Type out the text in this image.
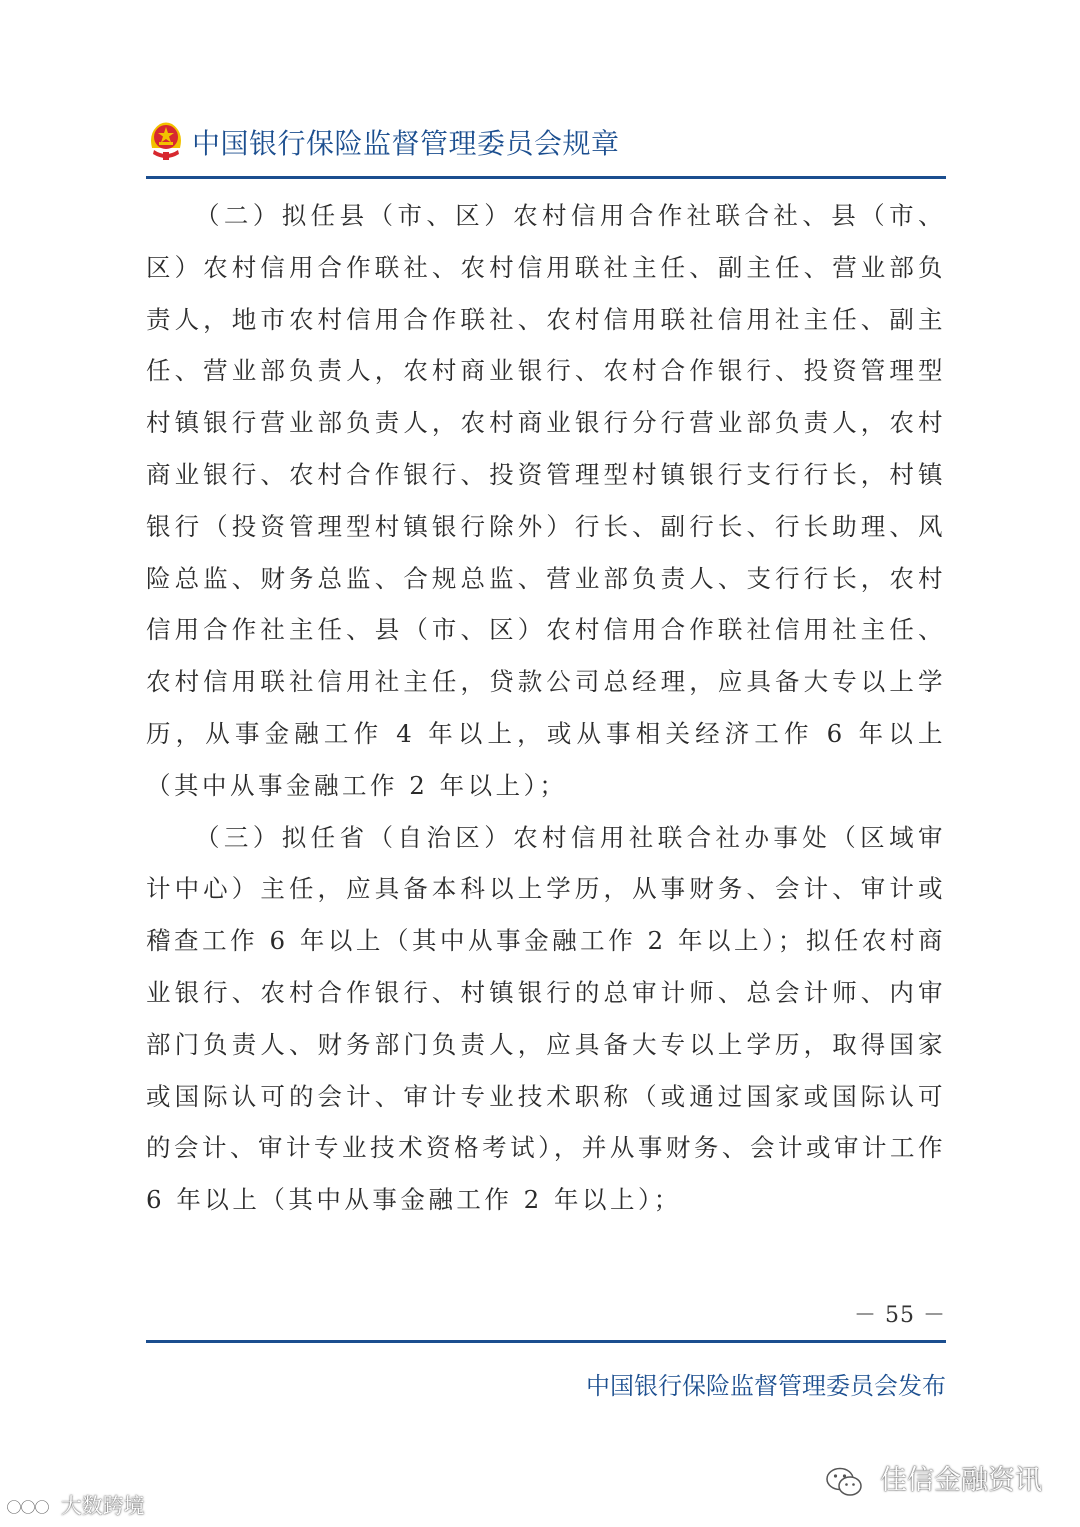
中国银行保险监督管理委员会规章

（二）拟任县（市、区）农村信用合作社联合社、县（市、区）农村信用合作联社、农村信用联社主任、副主任、营业部负责人，地市农村信用合作联社、农村信用联社信用社主任、副主任、营业部负责人，农村商业银行、农村合作银行、投资管理型村镇银行营业部负责人，农村商业银行分行营业部负责人，农村商业银行、农村合作银行、投资管理型村镇银行支行行长，村镇银行（投资管理型村镇银行除外）行长、副行长、行长助理、风险总监、财务总监、合规总监、营业部负责人、支行行长，农村信用合作社主任、县（市、区）农村信用合作联社信用社主任、农村信用联社信用社主任，贷款公司总经理，应具备大专以上学历，从事金融工作 4 年以上，或从事相关经济工作 6 年以上（其中从事金融工作 2 年以上）；

（三）拟任省（自治区）农村信用社联合社办事处（区域审计中心）主任，应具备本科以上学历，从事财务、会计、审计或稽查工作 6 年以上（其中从事金融工作 2 年以上）；拟任农村商业银行、农村合作银行、村镇银行的总审计师、总会计师、内审部门负责人、财务部门负责人，应具备大专以上学历，取得国家或国际认可的会计、审计专业技术职称（或通过国家或国际认可的会计、审计专业技术资格考试），并从事财务、会计或审计工作 6 年以上（其中从事金融工作 2 年以上）；

－ 55 －
中国银行保险监督管理委员会发布
佳信金融资讯
大数跨境
